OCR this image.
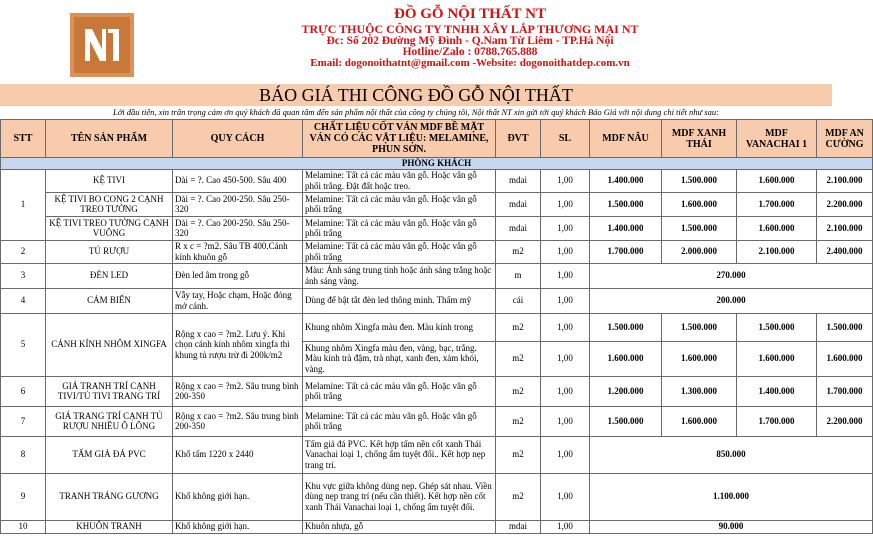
ĐỒ GỖ NỘI THẤT NT
TRỰC THUỘC CÔNG TY TNHH XÂY LẮP THƯƠNG MẠI NT
Đc: Số 202 Đường Mỹ Đình - Q.Nam Từ Liêm - TP.Hà Nội
Hotline/Zalo : 0788.765.888
Email: dogonoithatnt@gmail.com -Website: dogonoithatdep.com.vn
BÁO GIÁ THI CÔNG ĐỒ GỖ NỘI THẤT
Lời đầu tiên, xin trân trọng cảm ơn quý khách đã quan tâm đến sản phẩm nội thất của công ty chúng tôi, Nội thất NT xin gửi tới quý khách Báo Giá với nội dung chi tiết như sau:
STT	TÊN SẢN PHẨM	QUY CÁCH	CHẤT LIỆU CỐT VÁN MDF BỀ MẶT VÁN CÓ CÁC VẬT LIỆU: MELAMINE, PHUN SƠN.	ĐVT	SL	MDF NÂU	MDF XANH THÁI	MDF VANACHAI 1	MDF AN CƯỜNG
PHÒNG KHÁCH									
1	KỆ TIVI	Dài = ?. Cao 450-500. Sâu 400	Melamine: Tất cả các màu vân gỗ. Hoặc vân gỗ phối trắng. Đặt đất hoặc treo.	mdai	1,00	1.400.000	1.500.000	1.600.000	2.100.000
	KỆ TIVI BO CONG 2 CẠNH TREO TƯỜNG	Dài = ?. Cao 200-250. Sâu 250-320	Melamine: Tất cả các màu vân gỗ. Hoặc vân gỗ phối trắng	mdai	1,00	1.500.000	1.600.000	1.700.000	2.200.000
	KỆ TIVI TREO TƯỜNG CẠNH VUÔNG	Dài = ?. Cao 200-250. Sâu 250-320	Melamine: Tất cả các màu vân gỗ. Hoặc vân gỗ phối trắng	mdai	1,00	1.400.000	1.500.000	1.600.000	2.100.000
2	TỦ RƯỢU	R x c = ?m2. Sâu TB 400.Cánh kính khuôn gỗ	Melamine: Tất cả các màu vân gỗ. Hoặc vân gỗ phối trắng	m2	1,00	1.700.000	2.000.000	2.100.000	2.400.000
3	ĐÈN LED	Đèn led âm trong gỗ	Màu: Ánh sáng trung tính hoặc ánh sáng trắng hoặc ánh sáng vàng.	m	1,00	270.000			
4	CẢM BIẾN	Vẫy tay, Hoặc chạm, Hoặc đóng mở cánh.	Dùng để bật tắt đèn led thông minh. Thẩm mỹ	cái	1,00	200.000			
5	CÁNH KÍNH NHÔM XINGFA	Rộng x cao = ?m2. Lưu ý. Khi chọn cánh kính nhôm xingfa thì khung tủ rượu trừ đi 200k/m2	Khung nhôm Xingfa màu đen. Màu kính trong	m2	1,00	1.500.000	1.500.000	1.500.000	1.500.000
			Khung nhôm Xingfa màu đen, vàng, bạc, trắng. Màu kính trà đậm, trà nhạt, xanh đen, xám khói, vàng.	m2	1,00	1.600.000	1.600.000	1.600.000	1.600.000
6	GIÁ TRANH TRÍ CẠNH TIVI/TỦ TIVI TRANG TRÍ	Rộng x cao = ?m2. Sâu trung bình 200-350	Melamine: Tất cả các màu vân gỗ. Hoặc vân gỗ phối trắng	m2	1,00	1.200.000	1.300.000	1.400.000	1.700.000
7	GIÁ TRANG TRÍ CẠNH TỦ RƯỢU NHIỀU Ô LÔNG	Rộng x cao = ?m2. Sâu trung bình 200-350	Melamine: Tất cả các màu vân gỗ. Hoặc vân gỗ phối trắng	m2	1,00	1.500.000	1.600.000	1.700.000	2.200.000
8	TẤM GIẢ ĐÁ PVC	Khổ tấm 1220 x 2440	Tấm giả đá PVC. Kết hợp tấm nền cốt xanh Thái Vanachai loại 1, chống ẩm tuyệt đối.. Kết hợp nẹp trang trí.	m2	1,00	850.000			
9	TRANH TRÁNG GƯƠNG	Khổ không giới hạn.	Khu vực giữa không dùng nẹp. Ghép sát nhau. Viền dùng nẹp trang trí (nếu cần thiết). Kết hợp nền cốt xanh Thái Vanachai loại 1, chống ẩm tuyệt đối.	m2	1,00	1.100.000			
10	KHUÔN TRANH	Khổ không giới hạn.	Khuôn nhựa, gỗ	mdai	1,00	90.000			
